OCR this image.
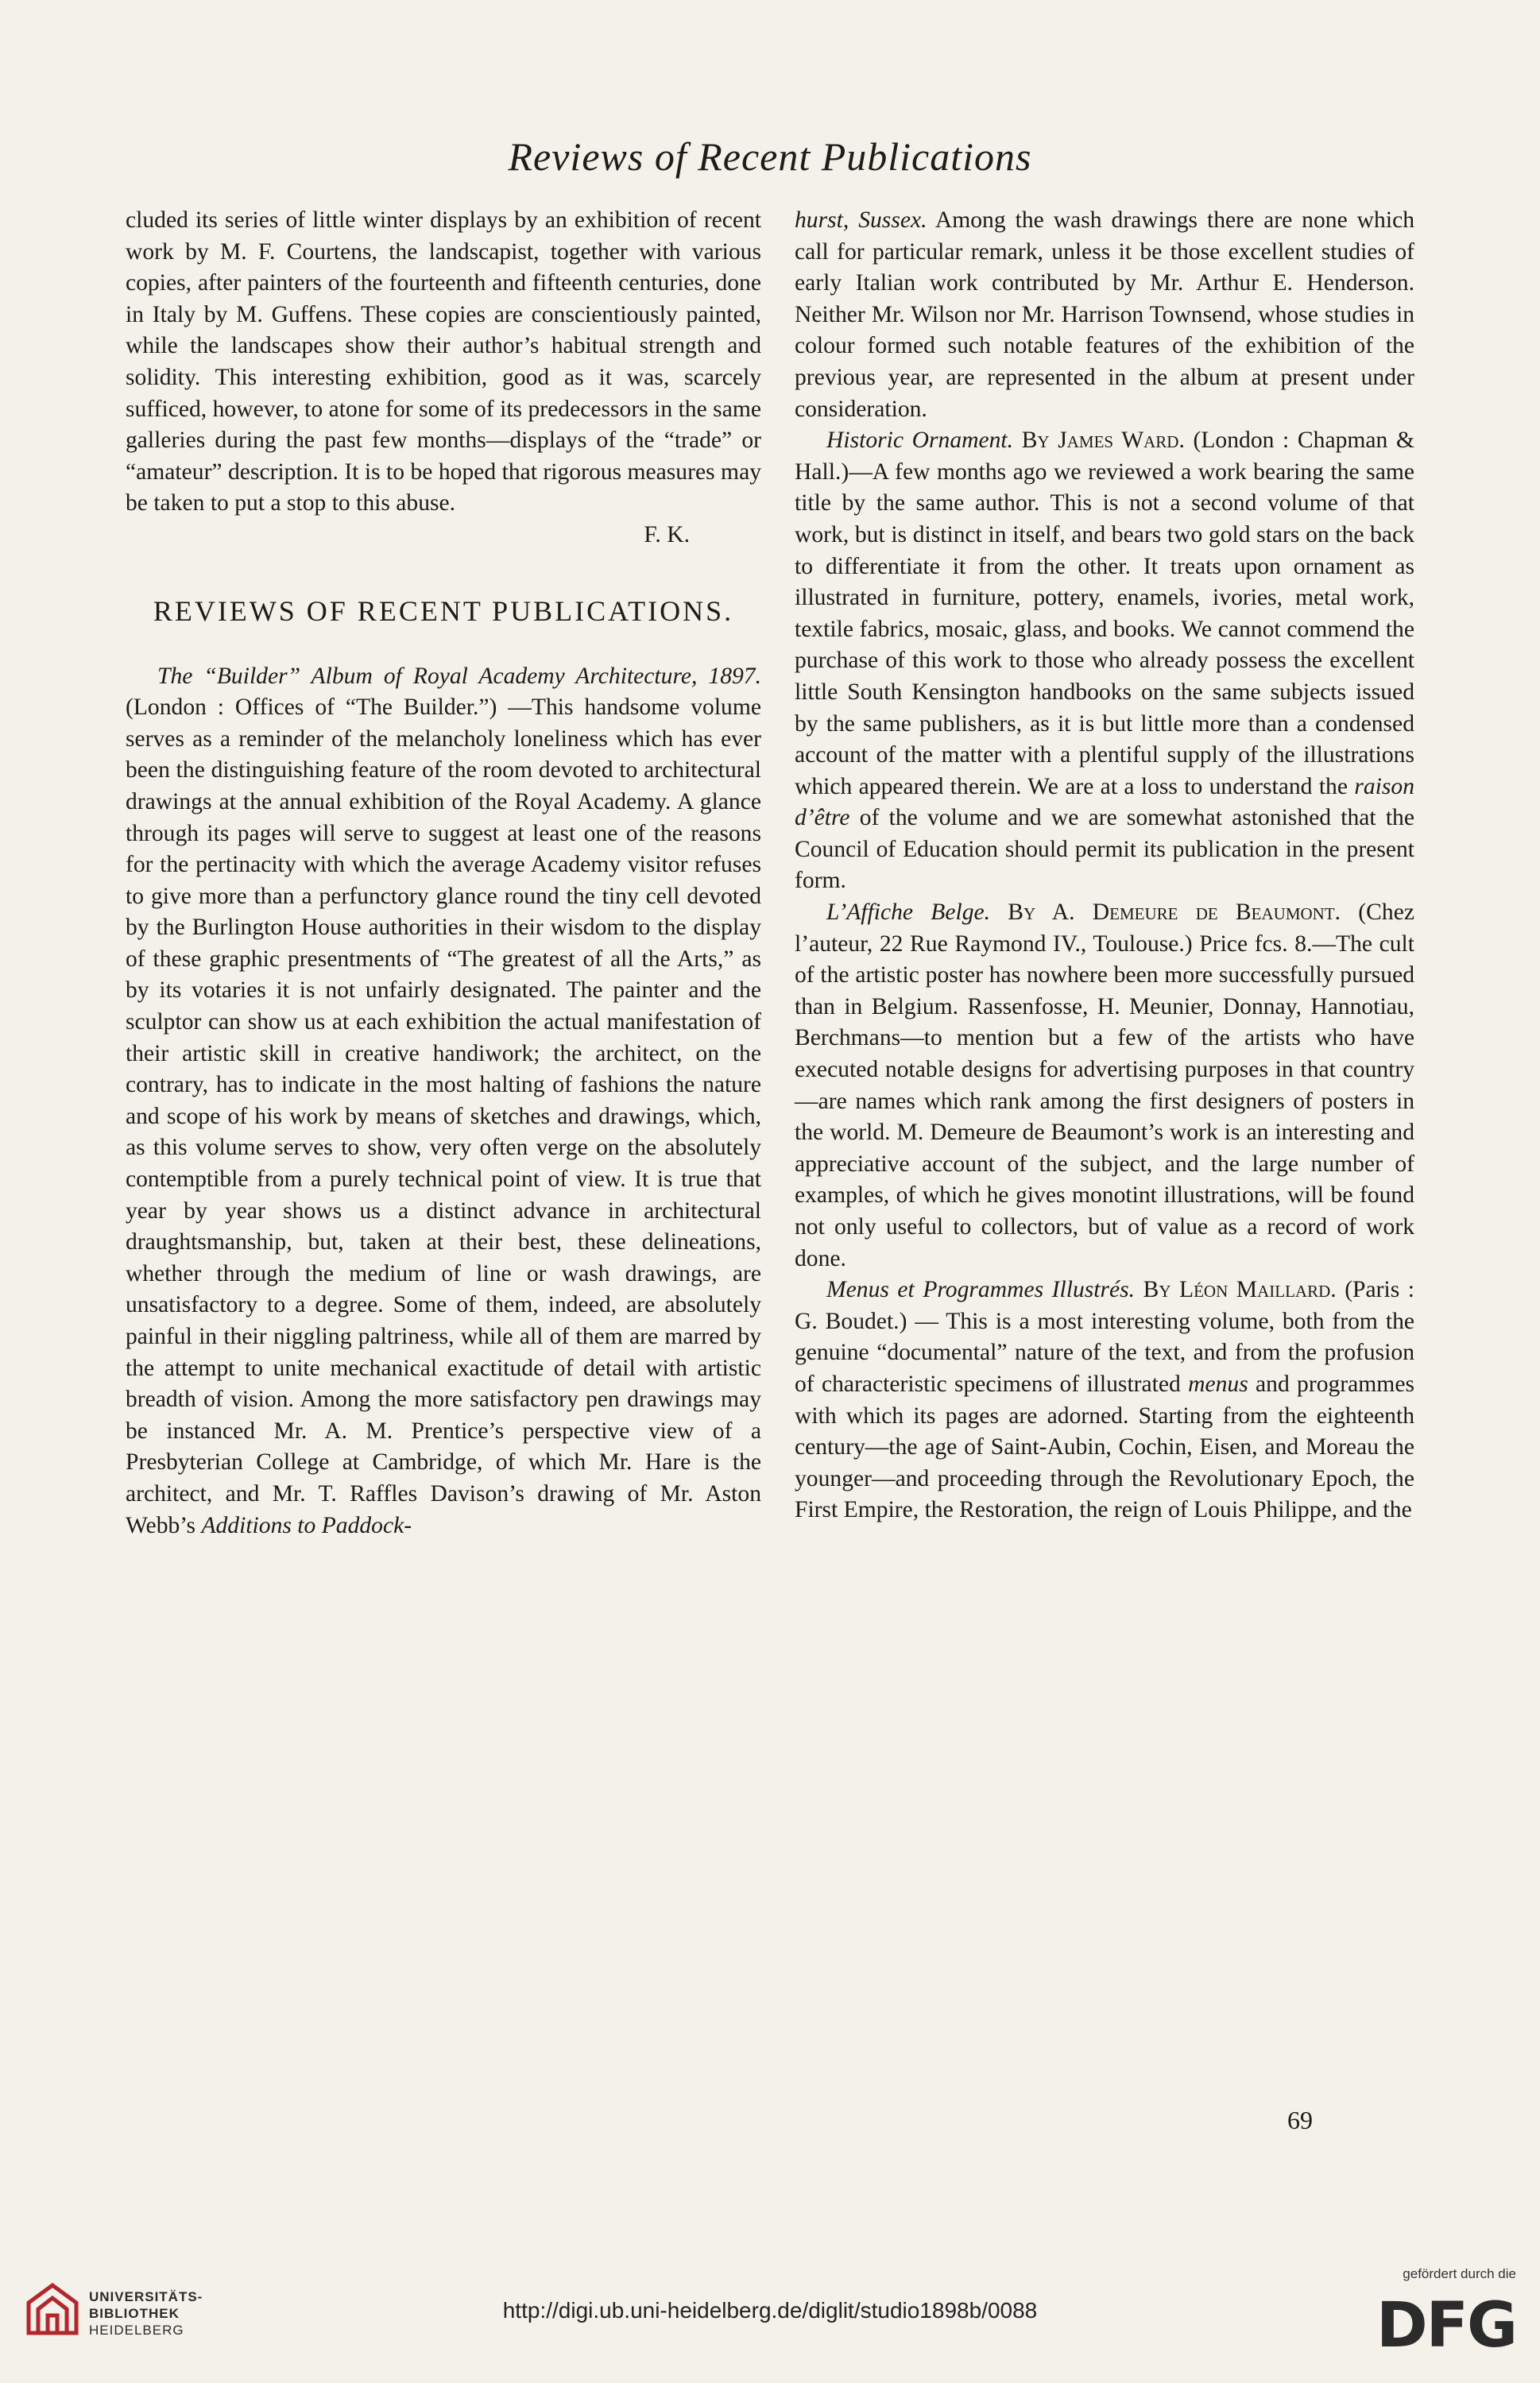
Reviews of Recent Publications

cluded its series of little winter displays by an exhibition of recent work by M. F. Courtens, the landscapist, together with various copies, after painters of the fourteenth and fifteenth centuries, done in Italy by M. Guffens. These copies are conscientiously painted, while the landscapes show their author’s habitual strength and solidity. This interesting exhibition, good as it was, scarcely sufficed, however, to atone for some of its predecessors in the same galleries during the past few months—displays of the “trade” or “amateur” description. It is to be hoped that rigorous measures may be taken to put a stop to this abuse.

F. K.

REVIEWS OF RECENT PUBLICATIONS.

The “Builder” Album of Royal Academy Architecture, 1897. (London : Offices of “The Builder.”) —This handsome volume serves as a reminder of the melancholy loneliness which has ever been the distinguishing feature of the room devoted to architectural drawings at the annual exhibition of the Royal Academy. A glance through its pages will serve to suggest at least one of the reasons for the pertinacity with which the average Academy visitor refuses to give more than a perfunctory glance round the tiny cell devoted by the Burlington House authorities in their wisdom to the display of these graphic presentments of “The greatest of all the Arts,” as by its votaries it is not unfairly designated. The painter and the sculptor can show us at each exhibition the actual manifestation of their artistic skill in creative handiwork; the architect, on the contrary, has to indicate in the most halting of fashions the nature and scope of his work by means of sketches and drawings, which, as this volume serves to show, very often verge on the absolutely contemptible from a purely technical point of view. It is true that year by year shows us a distinct advance in architectural draughtsmanship, but, taken at their best, these delineations, whether through the medium of line or wash drawings, are unsatisfactory to a degree. Some of them, indeed, are absolutely painful in their niggling paltriness, while all of them are marred by the attempt to unite mechanical exactitude of detail with artistic breadth of vision. Among the more satisfactory pen drawings may be instanced Mr. A. M. Prentice’s perspective view of a Presbyterian College at Cambridge, of which Mr. Hare is the architect, and Mr. T. Raffles Davison’s drawing of Mr. Aston Webb’s Additions to Paddock-

hurst, Sussex. Among the wash drawings there are none which call for particular remark, unless it be those excellent studies of early Italian work contributed by Mr. Arthur E. Henderson. Neither Mr. Wilson nor Mr. Harrison Townsend, whose studies in colour formed such notable features of the exhibition of the previous year, are represented in the album at present under consideration.

Historic Ornament. By James Ward. (London : Chapman & Hall.)—A few months ago we reviewed a work bearing the same title by the same author. This is not a second volume of that work, but is distinct in itself, and bears two gold stars on the back to differentiate it from the other. It treats upon ornament as illustrated in furniture, pottery, enamels, ivories, metal work, textile fabrics, mosaic, glass, and books. We cannot commend the purchase of this work to those who already possess the excellent little South Kensington handbooks on the same subjects issued by the same publishers, as it is but little more than a condensed account of the matter with a plentiful supply of the illustrations which appeared therein. We are at a loss to understand the raison d’être of the volume and we are somewhat astonished that the Council of Education should permit its publication in the present form.

L’Affiche Belge. By A. Demeure de Beaumont. (Chez l’auteur, 22 Rue Raymond IV., Toulouse.) Price fcs. 8.—The cult of the artistic poster has nowhere been more successfully pursued than in Belgium. Rassenfosse, H. Meunier, Donnay, Hannotiau, Berchmans—to mention but a few of the artists who have executed notable designs for advertising purposes in that country—are names which rank among the first designers of posters in the world. M. Demeure de Beaumont’s work is an interesting and appreciative account of the subject, and the large number of examples, of which he gives monotint illustrations, will be found not only useful to collectors, but of value as a record of work done.

Menus et Programmes Illustrés. By Léon Maillard. (Paris : G. Boudet.) — This is a most interesting volume, both from the genuine “documental” nature of the text, and from the profusion of characteristic specimens of illustrated menus and programmes with which its pages are adorned. Starting from the eighteenth century—the age of Saint-Aubin, Cochin, Eisen, and Moreau the younger—and proceeding through the Revolutionary Epoch, the First Empire, the Restoration, the reign of Louis Philippe, and the

69
UNIVERSITÄTS-
BIBLIOTHEK
HEIDELBERG
http://digi.ub.uni-heidelberg.de/diglit/studio1898b/0088
gefördert durch die
DFG
